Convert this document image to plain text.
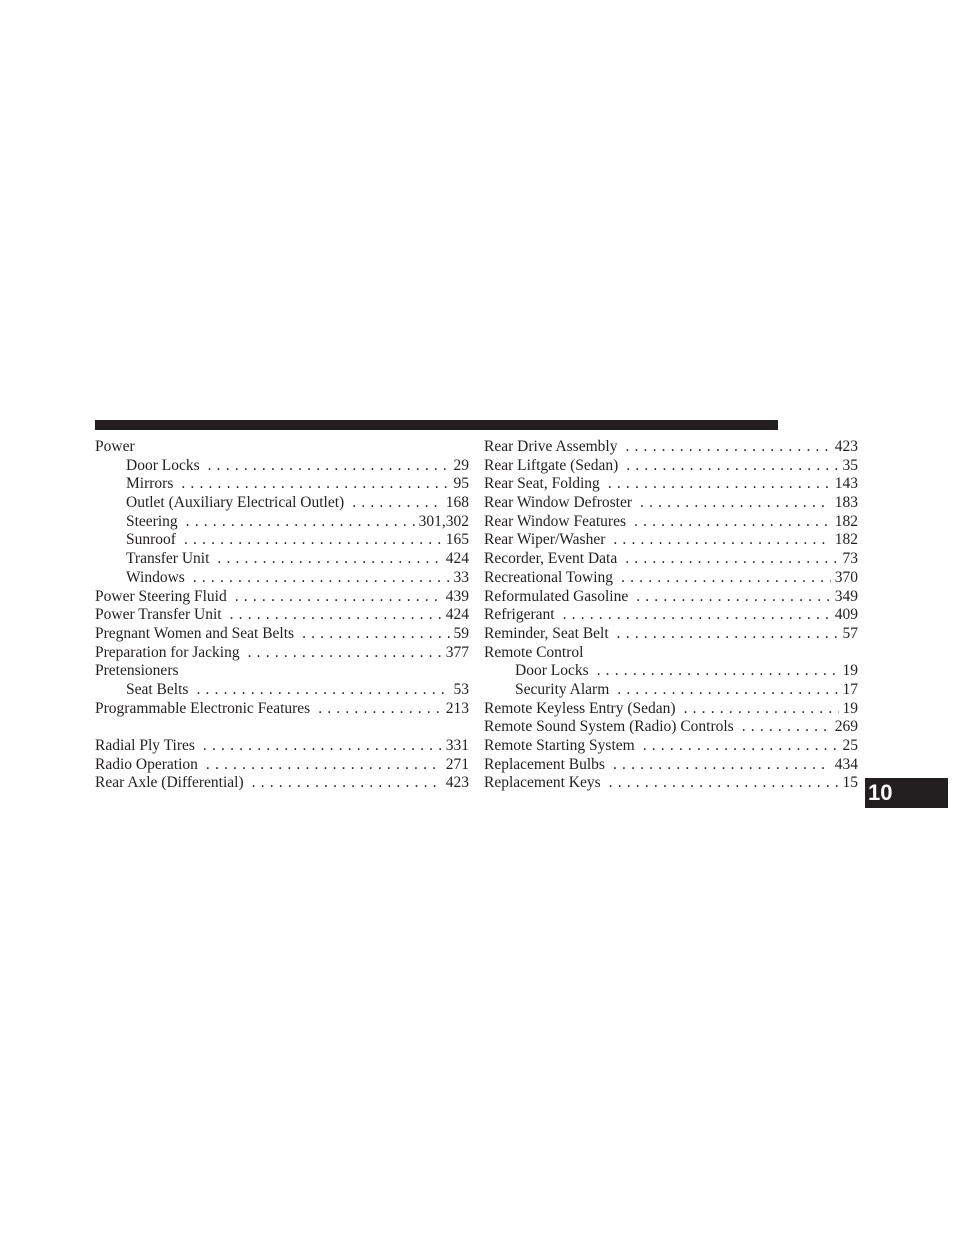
Power
Door Locks . . .	29
Mirrors . . .	95
Outlet (Auxiliary Electrical Outlet) . . .	168
Steering . . .	301,302
Sunroof . . .	165
Transfer Unit . . .	424
Windows . . .	33
Power Steering Fluid . . .	439
Power Transfer Unit . . .	424
Pregnant Women and Seat Belts . . .	59
Preparation for Jacking . . .	377
Pretensioners
Seat Belts . . .	53
Programmable Electronic Features . . .	213
Radial Ply Tires . . .	331
Radio Operation . . .	271
Rear Axle (Differential) . . .	423
Rear Drive Assembly . . .	423
Rear Liftgate (Sedan) . . .	35
Rear Seat, Folding . . .	143
Rear Window Defroster . . .	183
Rear Window Features . . .	182
Rear Wiper/Washer . . .	182
Recorder, Event Data . . .	73
Recreational Towing . . .	370
Reformulated Gasoline . . .	349
Refrigerant . . .	409
Reminder, Seat Belt . . .	57
Remote Control
Door Locks . . .	19
Security Alarm . . .	17
Remote Keyless Entry (Sedan) . . .	19
Remote Sound System (Radio) Controls . . .	269
Remote Starting System . . .	25
Replacement Bulbs . . .	434
Replacement Keys . . .	15 10
